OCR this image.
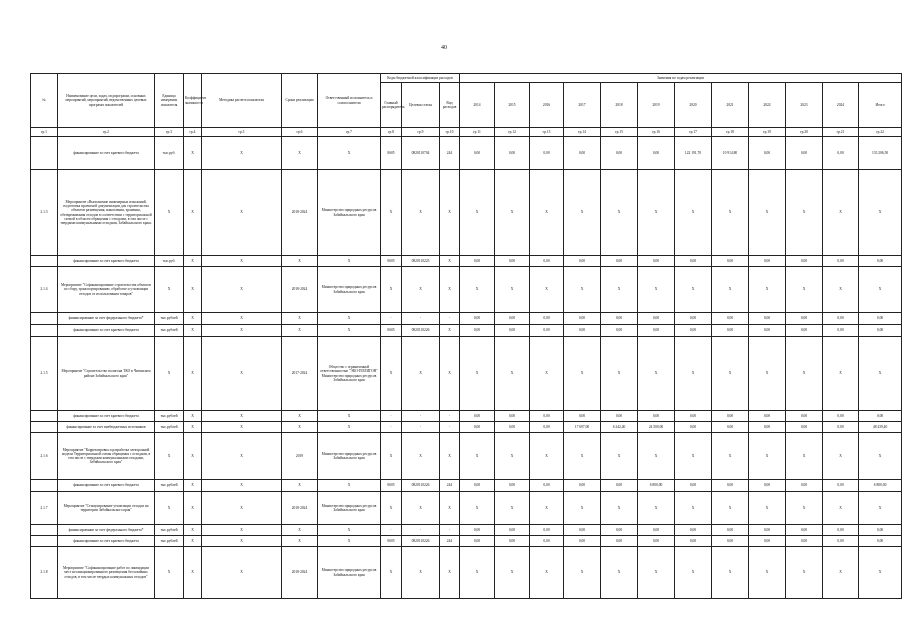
40
№	Наименование цели, задач, подпрограмм, основных мероприятий, мероприятий, ведомственных целевых программ показателей	Единица измерения показателя	Коэффициент значимости	Методика расчета показателя	Сроки реализации	Ответственный исполнитель и соисполнители	Коды бюджетной классификации расходов			Значения по годам реализации											
							Главный распорядитель	Целевая статья	Вид расходов	2014	2015	2016	2017	2018	2019	2020	2021	2022	2023	2024	Итого

гр.1	гр.2	гр.3	гр.4	гр.5	гр.6	гр.7	гр.8	гр.9	гр.10	гр.11	гр.12	гр.13	гр.14	гр.15	гр.16	гр.17	гр.18	гр.19	гр.20	гр.21	гр.22
	финансирование за счет краевого бюджета	тыс.руб.	Х	Х	Х	Х	0605	0820110704	244	0,00	0,00	0,00	0,00	0,00	0,00	122 191,70	10 914,80	0,00	0,00	0,00	133 206,50
2.1.3	Мероприятие «Выполнение инженерных изысканий, подготовка проектной документации для строительства объектов размещения, накопления, хранения, обезвреживания отходов в соответствии с территориальной схемой в области обращения с отходами, в том числе с твердыми коммунальными отходами, Забайкальского края»	Х	Х	Х	2018-2024	Министерство природных ресурсов Забайкальского края	Х	Х	Х	Х	Х	Х	Х	Х	Х	Х	Х	Х	Х	Х	Х
	финансирование за счет краевого бюджета	тыс.руб.	Х	Х	Х	Х	0605	0820110225	Х	0,00	0,00	0,00	0,00	0,00	0,00	0,00	0,00	0,00	0,00	0,00	0,00
2.1.4	Мероприятие "Софинансирование строительства объектов по сбору, транспортированию, обработке и утилизации отходов от использования товаров"	Х	Х	Х	2018-2024	Министерство природных ресурсов Забайкальского края	Х	Х	Х	Х	Х	Х	Х	Х	Х	Х	Х	Х	Х	Х	Х
	финансирование за счет федерального бюджета*	тыс.рублей	Х	Х	Х	Х	-	-	-	0,00	0,00	0,00	0,00	0,00	0,00	0,00	0,00	0,00	0,00	0,00	0,00
	финансирование за счет краевого бюджета	тыс.рублей	Х	Х	Х	Х	0605	0820110226	Х	0,00	0,00	0,00	0,00	0,00	0,00	0,00	0,00	0,00	0,00	0,00	0,00
2.1.5	Мероприятие "Строительство полигона ТКО в Читинском районе Забайкальского края"	Х	Х	Х	2017-2024	Общество с ограниченной ответственностью "ЭКО-ПОЛИГОН" Министерство природных ресурсов Забайкальского края	Х	Х	Х	Х	Х	Х	Х	Х	Х	Х	Х	Х	Х	Х	Х
	финансирование за счет краевого бюджета	тыс.рублей	Х	Х	Х	Х	-	-	-	0,00	0,00	0,00	0,00	0,00	0,00	0,00	0,00	0,00	0,00	0,00	0,00
	финансирование за счет внебюджетных источников	тыс.рублей	Х	Х	Х	Х	-	-	-	0,00	0,00	0,00	17 697,00	6 242,40	24 500,00	0,00	0,00	0,00	0,00	0,00	48 439,40
2.1.6	Мероприятие "Корректировка и разработка электронной модели Территориальной схемы обращения с отходами, в том числе с твердыми коммунальными отходами, Забайкальского края"	Х	Х	Х	2019	Министерство природных ресурсов Забайкальского края	Х	Х	Х	Х	Х	Х	Х	Х	Х	Х	Х	Х	Х	Х	Х
	финансирование за счет краевого бюджета	тыс.рублей	Х	Х	Х	Х	0605	0820110226	244	0,00	0,00	0,00	0,00	0,00	6 800,00	0,00	0,00	0,00	0,00	0,00	6 800,00
2.1.7	Мероприятие "Стимулирование утилизации отходов на территории Забайкальского края"	Х	Х	Х	2018-2024	Министерство природных ресурсов Забайкальского края	Х	Х	Х	Х	Х	Х	Х	Х	Х	Х	Х	Х	Х	Х	Х
	финансирование за счет федерального бюджета*	тыс.рублей	Х	Х	Х	Х	-	-	-	0,00	0,00	0,00	0,00	0,00	0,00	0,00	0,00	0,00	0,00	0,00	0,00
	финансирование за счет краевого бюджета	тыс.рублей	Х	Х	Х	Х	0605	0820110226	244	0,00	0,00	0,00	0,00	0,00	0,00	0,00	0,00	0,00	0,00	0,00	0,00
2.1.8	Мероприятие "Софинансирование работ по ликвидации мест несанкционированного размещения бесхозяйных отходов, в том числе твердых коммунальных отходов"	Х	Х	Х	2018-2024	Министерство природных ресурсов Забайкальского края	Х	Х	Х	Х	Х	Х	Х	Х	Х	Х	Х	Х	Х	Х	Х
